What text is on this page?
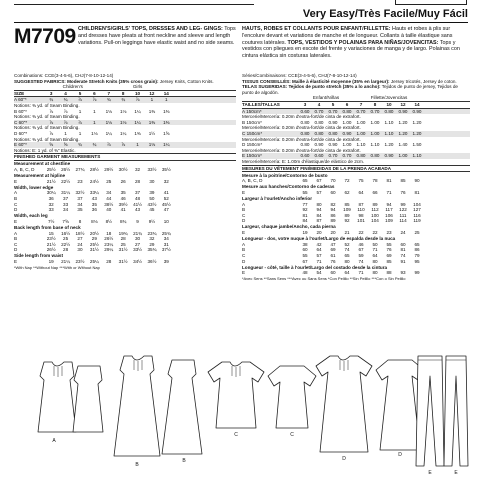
Very Easy/Très Facile/Muy Fácil
M7709 CHILDREN'S/GIRLS' TOPS, DRESSES AND LEG- GINGS: Tops and dresses have pleats at front neckline and sleeve and length variations. Pull-on leggings have elastic waist and no side seams.
HAUTS, ROBES ET COLLANTS POUR ENFANT/FILLETTE: Hauts et robes à plis sur l'encolure devant et variations de manche et de longueur. Collants à taille élastique sans coutures latérales. TOPS, VESTIDOS Y POLAINAS PARA NIÑAS/JOVENCITAS: Tops y vestidos con pliegues en escote del frente y variaciones de manga y de largo. Polainas con cintura elástica sin costuras laterales.
Combinations: CCE(3-4-5-6), CHJ(7-8-10-12-14)
SUGGESTED FABRICS: Moderate Stretch Knits (35% cross grain): Jersey Knits, Cotton Knits.
Children's	Girls
SIZE	3	4	5	6	7	8	10	12	14
A 60"*	¾	¾	⅞	⅞	¾	¾	⅞	1	1
Notions: ⅜ yd. of Seam Binding.
B 60"*	⅞	⅞	1	1	1⅛	1⅛	1¼	1⅜	1⅜
Notions: ⅜ yd. of Seam Binding.
C 60"*	⅞	⅞	⅞	1	1⅛	1⅛	1¼	1⅜	1⅜
Notions: ⅜ yd. of Seam Binding.
D 60"*	⅞	1	1	1⅛	1¼	1¼	1⅜	1½	1⅝
Notions: ⅜ yd. of Seam Binding.
E 60"*	⅝	⅝	¾	¾	⅞	⅞	1	1⅛	1¼
Notions: E: 1 yd. of ⅜" Elastic.
FINISHED GARMENT MEASUREMENTS
Measurement at chestline
A, B, C, D	25½	26½	27¾	28½	29½	30½	32	33½	35½
Measurement at hipline
E	21½	22½	23	24½	25	26	28	30	32
Width, lower edge
A	30¼	31¼	32½	33¼	34	35	37	39	41
B	36	37	37	43	44	46	48	50	52
C	32	33	34	35	38½	39½	41½	43½	45½
D	33	34	35	36	40	41	43	45	47
Width, each leg
E	7½	7⅝	8	8⅛	8½	8¾	9	9½	10
Back length from base of neck
A	15	16½	18½	20½	18	19¾	21¾	23¾	25¾
B	23½	25	27	29	26½	28	30	32	34
C	21½	22½	24	25½	23¼	25	27	29	31
D	26½	28	30	31½	29¼	31½	33½	35¾	37½
Side length from waist
E	19	21¼	23½	25¼	28	31½	34½	36½	39
*With Nap **Without Nap ***With or Without Nap
Séries/Combinaisons: CCE(3-4-5-6), CHJ(7-8-10-12-14)
TISSUS CONSEILLÉS: Maille à élasticité moyenne (35% en largeur): Jersey tricotés, Jersey de coton. TELAS SUGERIDAS: Tejidos de punto stretch (35% a lo ancho): Tejidos de punto de jersey, Tejidos de punto de algodón.
Enfant/Niñas	Fillette/Jovencitas
TAILLES/TALLAS	3	4	5	6	7	8	10	12	14
A 150cm*	0.60	0.70	0.70	0.80	0.70	0.70	0.80	0.90	0.90
Mercerie/Mercería: 0.20m d'extra-fort/de cinta de extrafort.
B 150cm*	0.80	0.80	0.90	1.00	1.00	1.00	1.10	1.20	1.20
Mercerie/Mercería: 0.20m d'extra-fort/de cinta de extrafort.
C 150cm*	0.80	0.80	0.80	0.90	1.00	1.00	1.10	1.20	1.20
Mercerie/Mercería: 0.20m d'extra-fort/de cinta de extrafort.
D 150cm*	0.80	0.90	0.90	1.00	1.10	1.10	1.20	1.40	1.50
Mercerie/Mercería: 0.20m d'extra-fort/de cinta de extrafort.
E 150cm*	0.60	0.60	0.70	0.70	0.80	0.80	0.90	1.00	1.10
Mercerie/Mercería: E: 1.00m d'élastique/de elástico de 2cm.
MESURES DU VÊTEMENT FINI/MEDIDAS DE LA PRENDA ACABADA
Mesure à la poitrine/Contorno de busto
A, B, C, D	65	67	70	72	75	78	81	85	90
Mesure aux hanches/Contorno de caderas
E	55	57	60	62	64	66	71	76	81
Largeur à l'ourlet/Ancho inferior
A	77	80	82	85	87	89	94	99	104
B	92	94	94	109	110	112	117	122	127
C	81	84	86	89	98	100	106	111	116
D	84	87	89	92	101	104	109	114	119
Largeur, chaque jambe/Ancho, cada pierna
E	19	20	20	21	22	22	23	24	25
Longueur - dos, votre nuque à l'ourlet/Largo de espalda desde la nuca
A	38	42	47	52	46	50	55	60	65
B	60	64	69	74	67	71	76	81	86
C	55	57	61	65	59	64	69	74	79
D	67	71	76	80	74	80	85	91	95
Longueur - côté, taille à l'ourlet/Largo del costado desde la cintura
E	48	54	60	64	71	80	88	93	99
*Avec Sens **Sans Sens ***Avec ou Sans Sens *Con Pelillo **Sin Pelillo ***Con o Sin Pelillo
A
B
B
C	C
D
D
E	E
